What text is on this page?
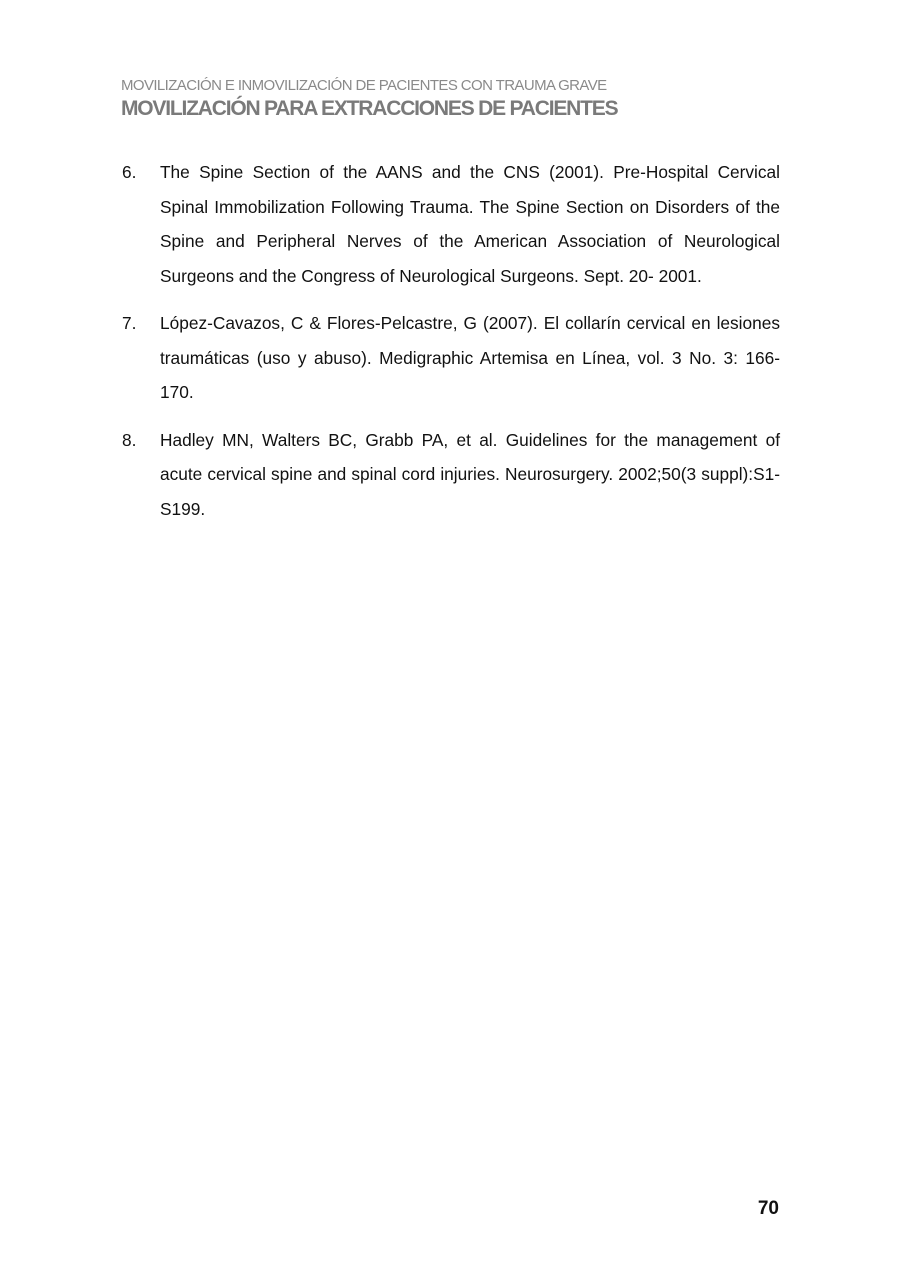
MOVILIZACIÓN E INMOVILIZACIÓN DE PACIENTES CON TRAUMA GRAVE
MOVILIZACIÓN PARA EXTRACCIONES DE PACIENTES
6. The Spine Section of the AANS and the CNS (2001). Pre-Hospital Cervical Spinal Immobilization Following Trauma. The Spine Section on Disorders of the Spine and Peripheral Nerves of the American Association of Neurological Surgeons and the Congress of Neurological Surgeons. Sept. 20- 2001.
7. López-Cavazos, C & Flores-Pelcastre, G (2007). El collarín cervical en lesiones traumáticas (uso y abuso). Medigraphic Artemisa en Línea, vol. 3 No. 3: 166-170.
8. Hadley MN, Walters BC, Grabb PA, et al. Guidelines for the management of acute cervical spine and spinal cord injuries. Neurosurgery. 2002;50(3 suppl):S1-S199.
70
